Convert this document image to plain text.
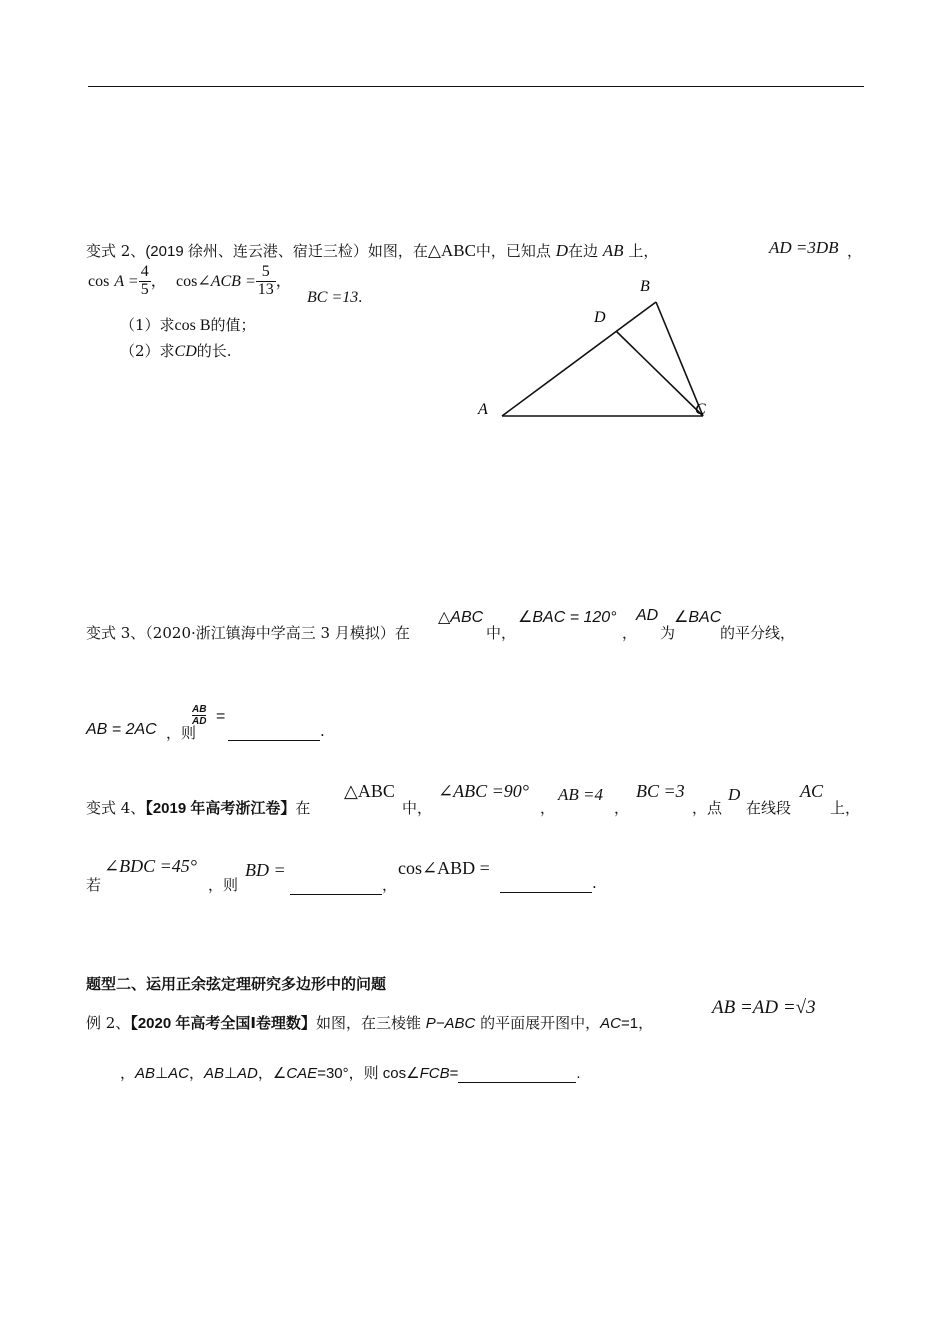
变式 2、(2019 徐州、连云港、宿迁三检）如图，在△ABC中，已知点 D在边 AB 上，	AD =3DB ，
$\cos A = \frac{4}{5}$ ， cos∠ACB = $\frac{5}{13}$ ，
BC =13.
（1）求cos B的值；
（2）求CD的长.
A
B
C
D
变式 3、（2020·浙江镇海中学高三 3 月模拟）在
△ABC
中，
∠BAC = 120°
，
AD
为
∠BAC
的平分线，
AB = 2AC ，则
$\frac{AB}{AD}$ =
.
变式 4、【2019 年高考浙江卷】在
△ABC
中，
∠ABC =90°
，
AB =4
，
BC =3
，点
D
在线段
AC
上，
若
∠BDC =45°
，则
BD =
，
cos∠ABD =
.
题型二、运用正余弦定理研究多边形中的问题
例 2、【2020 年高考全国Ⅰ卷理数】如图，在三棱锥 P−ABC 的平面展开图中，AC=1，
AB =AD =√3
，AB⊥AC，AB⊥AD，∠CAE=30°，则 cos∠FCB=	.
